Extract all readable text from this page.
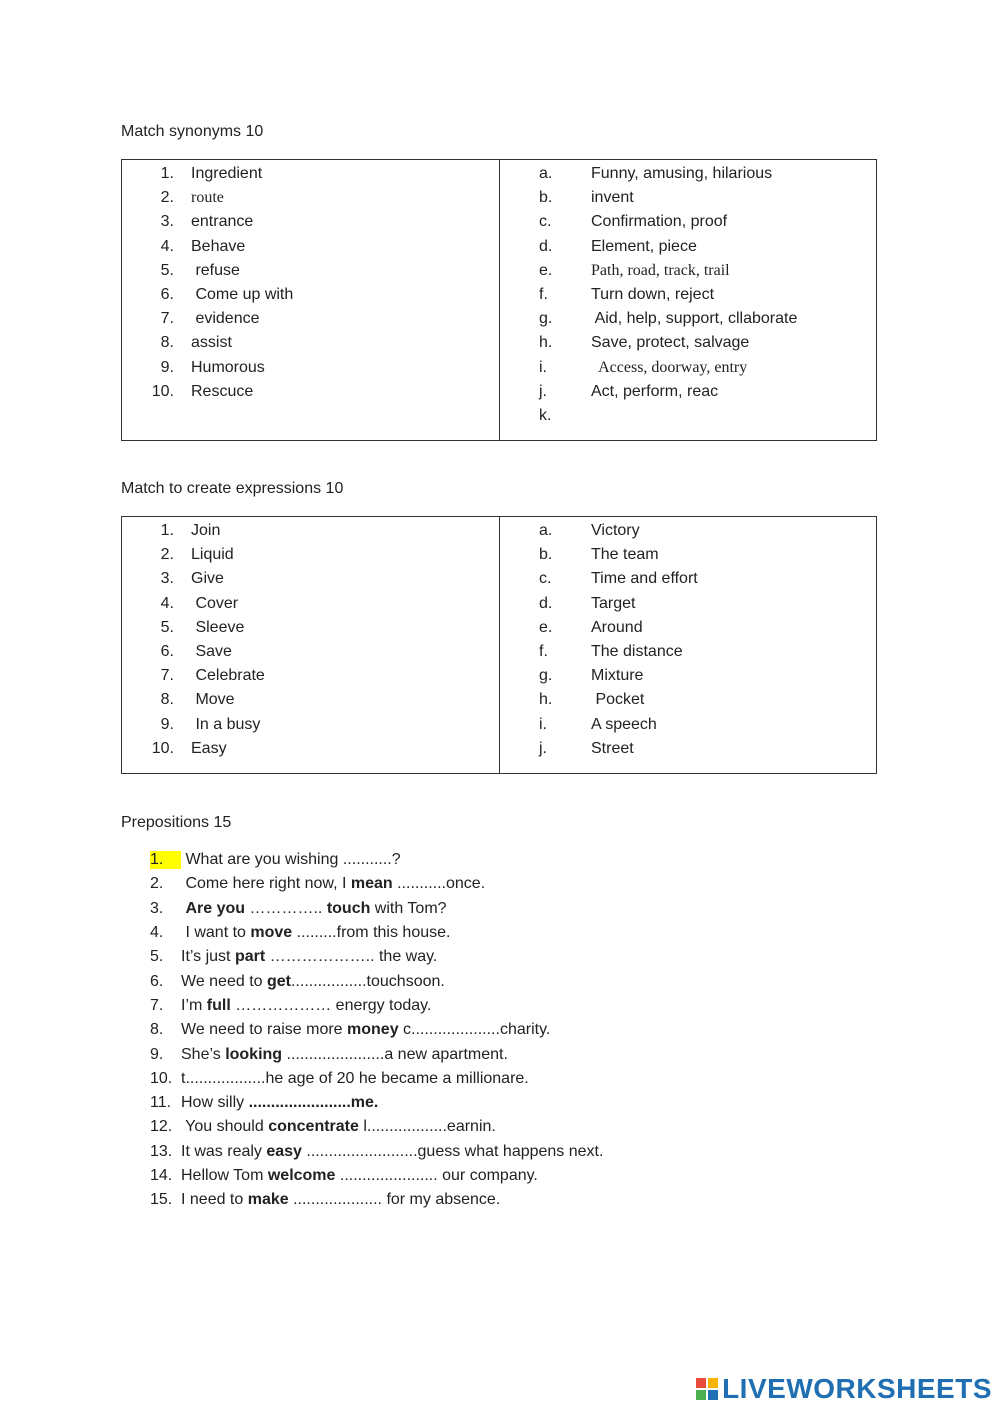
Match synonyms 10

1.	Ingredient
2.	route
3.	entrance
4.	Behave
5.	refuse
6.	Come up with
7.	evidence
8.	assist
9.	Humorous
10.	Rescuce
a.	Funny, amusing, hilarious
b.	invent
c.	Confirmation, proof
d.	Element, piece
e.	Path, road, track, trail
f.	Turn down, reject
g.	Aid, help, support, cllaborate
h.	Save, protect, salvage
i.	Access, doorway, entry
j.	Act, perform, reac
k.

Match to create expressions 10

1.	Join
2.	Liquid
3.	Give
4.	Cover
5.	Sleeve
6.	Save
7.	Celebrate
8.	Move
9.	In a busy
10.	Easy
a.	Victory
b.	The team
c.	Time and effort
d.	Target
e.	Around
f.	The distance
g.	Mixture
h.	Pocket
i.	A speech
j.	Street

Prepositions 15

1.	What are you wishing ...........?
2.	Come here right now, I mean ...........once.
3.
	Are you ………….. touch with Tom?
4.	I want to move .........from this house.
5.	It’s just part ……………….. the way.
6.	We need to get .................touchsoon.
7.	I’m full ……………… energy today.
8.	We need to raise more money c....................charity.
9.	She’s looking ......................a new apartment.
10. t..................he age of 20 he became a millionare.
11. How silly .......................me.
12. You should concentrate l..................earnin.
13. It was realy easy .........................guess what happens next.
14. Hellow Tom welcome ...................... our company.
15. I need to make .................... for my absence.
LIVEWORKSHEETS
